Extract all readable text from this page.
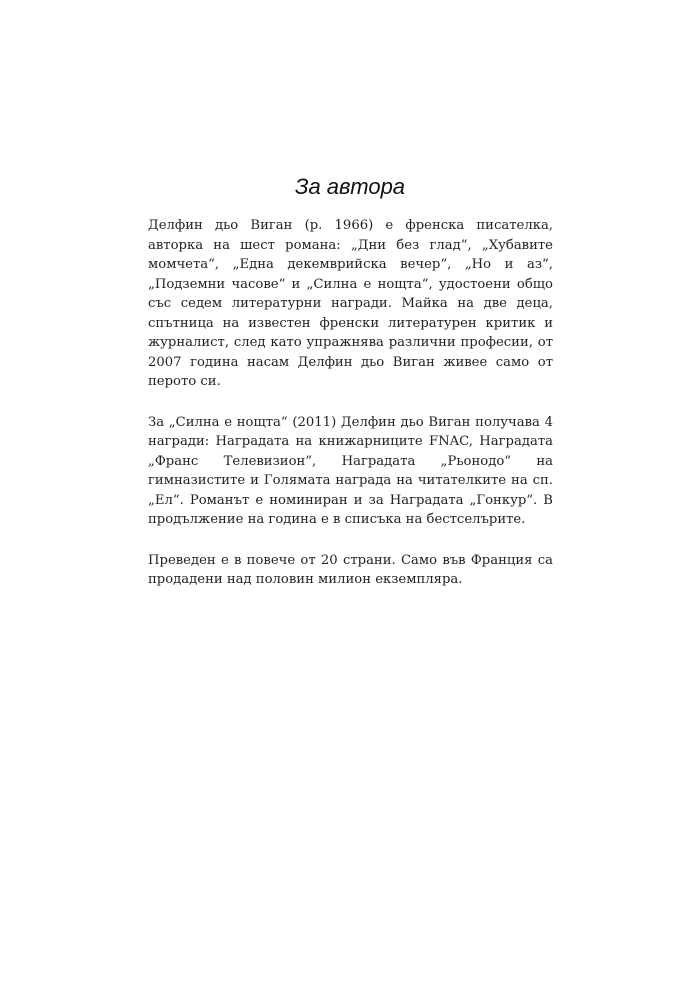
За автора

Делфин дьо Виган (р. 1966) е френска писателка, авторка на шест романа: „Дни без глад“, „Хубавите момчета“, „Една декемврийска вечер“, „Но и аз“, „Подземни часове“ и „Силна е нощта“, удостоени общо със седем литературни награди. Майка на две деца, спътница на известен френски литературен критик и журналист, след като упражнява различни професии, от 2007 година насам Делфин дьо Виган живее само от перото си.

За „Силна е нощта“ (2011) Делфин дьо Виган получава 4 награди: Наградата на книжарниците FNAC, Наградата „Франс Телевизион“, Наградата „Рьонодо“ на гимназистите и Голямата награда на читателките на сп. „Ел“. Романът е номиниран и за Наградата „Гонкур“. В продължение на година е в списъка на бестселърите.

Преведен е в повече от 20 страни. Само във Франция са продадени над половин милион екземпляра.
